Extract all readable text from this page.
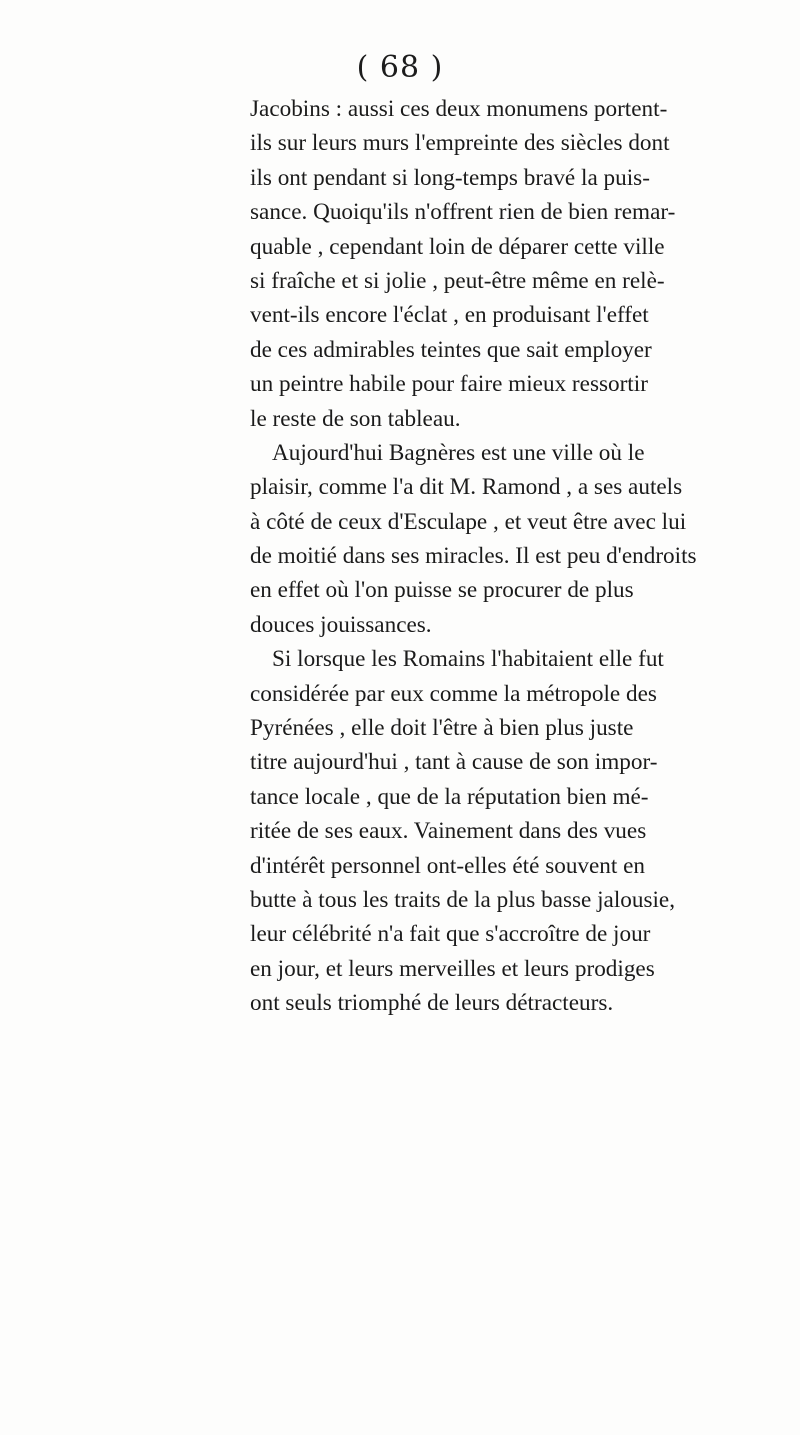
( 68 )
Jacobins : aussi ces deux monumens portent-
ils sur leurs murs l'empreinte des siècles dont
ils ont pendant si long-temps bravé la puis-
sance. Quoiqu'ils n'offrent rien de bien remar-
quable , cependant loin de déparer cette ville
si fraîche et si jolie , peut-être même en relè-
vent-ils encore l'éclat , en produisant l'effet
de ces admirables teintes que sait employer
un peintre habile pour faire mieux ressortir
le reste de son tableau.
Aujourd'hui Bagnères est une ville où le
plaisir, comme l'a dit M. Ramond , a ses autels
à côté de ceux d'Esculape , et veut être avec lui
de moitié dans ses miracles. Il est peu d'endroits
en effet où l'on puisse se procurer de plus
douces jouissances.
Si lorsque les Romains l'habitaient elle fut
considérée par eux comme la métropole des
Pyrénées , elle doit l'être à bien plus juste
titre aujourd'hui , tant à cause de son impor-
tance locale , que de la réputation bien mé-
ritée de ses eaux. Vainement dans des vues
d'intérêt personnel ont-elles été souvent en
butte à tous les traits de la plus basse jalousie,
leur célébrité n'a fait que s'accroître de jour
en jour, et leurs merveilles et leurs prodiges
ont seuls triomphé de leurs détracteurs.
